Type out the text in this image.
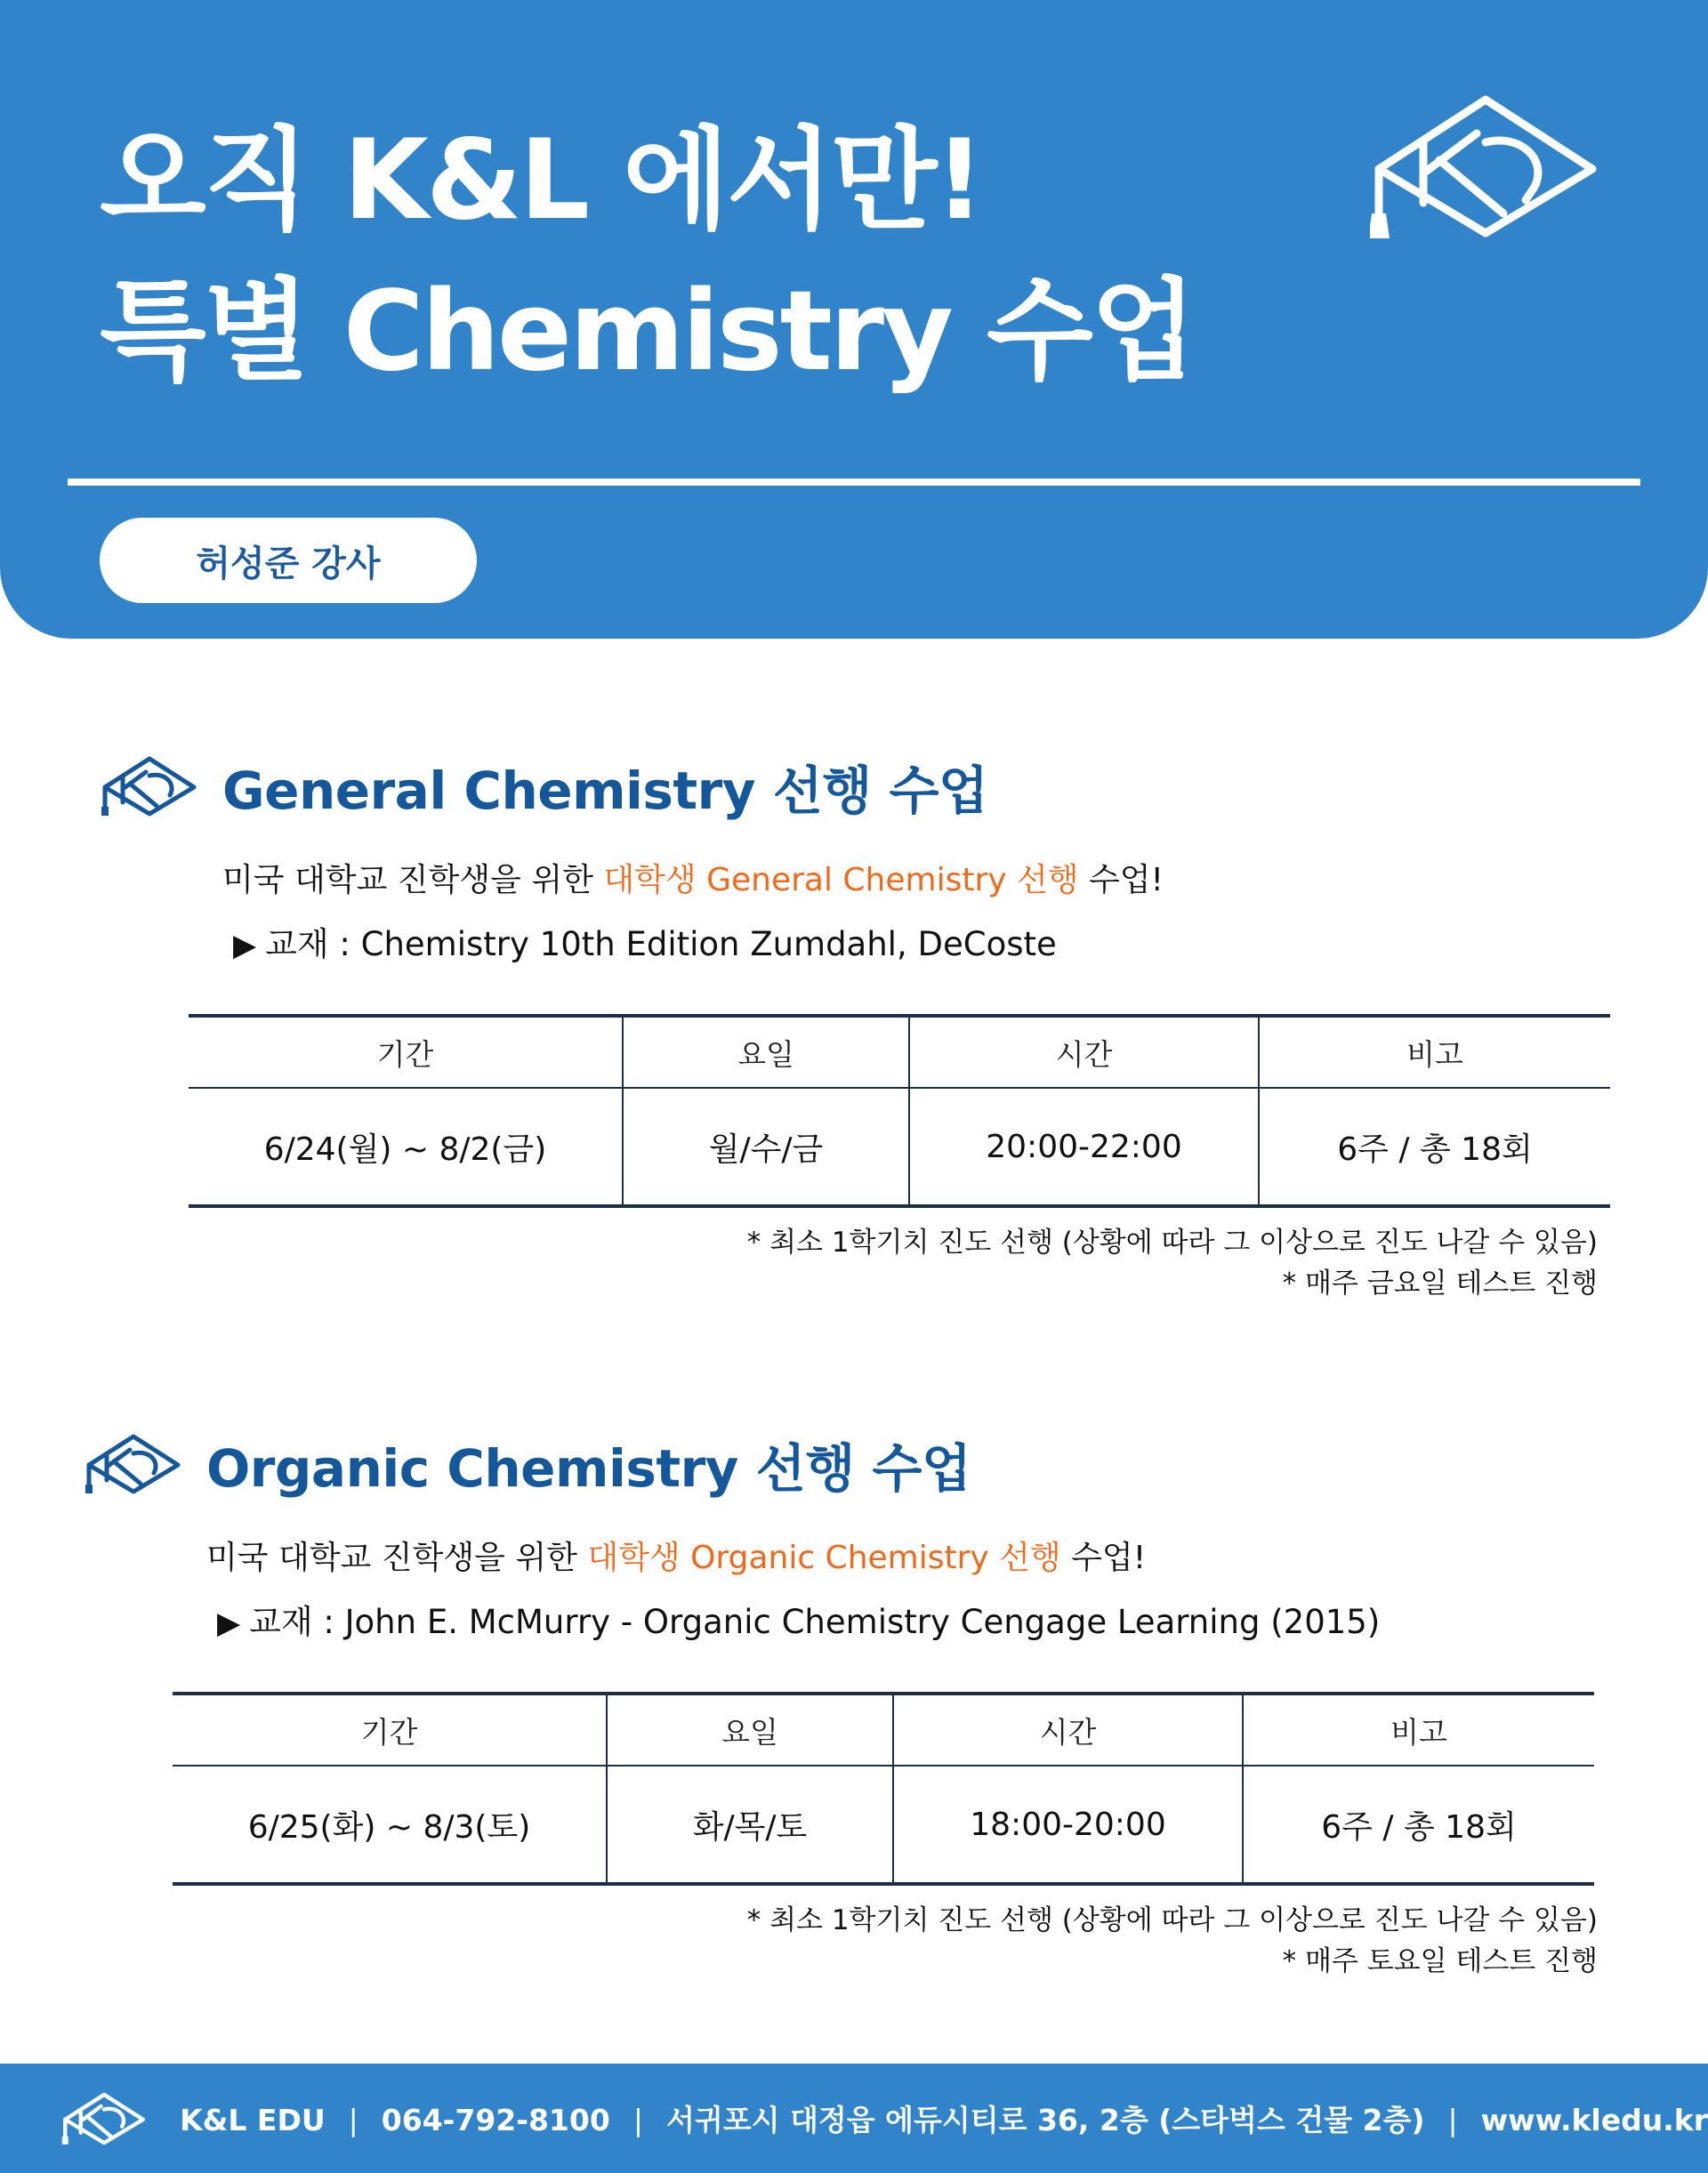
오직 K&L 에서만!
특별 Chemistry 수업
허성준 강사
General Chemistry 선행 수업
미국 대학교 진학생을 위한 대학생 General Chemistry 선행 수업!
▶ 교재 : Chemistry 10th Edition Zumdahl, DeCoste
기간	요일	시간	비고
6/24(월) ~ 8/2(금)	월/수/금	20:00-22:00	6주 / 총 18회
* 최소 1학기치 진도 선행 (상황에 따라 그 이상으로 진도 나갈 수 있음)
* 매주 금요일 테스트 진행
Organic Chemistry 선행 수업
미국 대학교 진학생을 위한 대학생 Organic Chemistry 선행 수업!
▶ 교재 : John E. McMurry - Organic Chemistry Cengage Learning (2015)
기간	요일	시간	비고
6/25(화) ~ 8/3(토)	화/목/토	18:00-20:00	6주 / 총 18회
* 최소 1학기치 진도 선행 (상황에 따라 그 이상으로 진도 나갈 수 있음)
* 매주 토요일 테스트 진행
K&L EDU | 064-792-8100 | 서귀포시 대정읍 에듀시티로 36, 2층 (스타벅스 건물 2층) | www.kledu.kr
